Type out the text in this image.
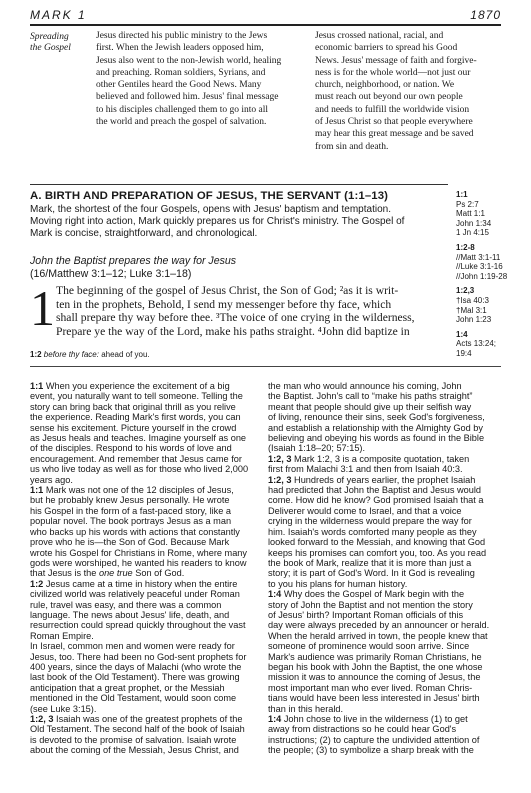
MARK 1	1870
Spreading
the Gospel
Jesus directed his public ministry to the Jews
first. When the Jewish leaders opposed him,
Jesus also went to the non-Jewish world, healing
and preaching. Roman soldiers, Syrians, and
other Gentiles heard the Good News. Many
believed and followed him. Jesus' final message
to his disciples challenged them to go into all
the world and preach the gospel of salvation.
Jesus crossed national, racial, and
economic barriers to spread his Good
News. Jesus' message of faith and forgive-
ness is for the whole world—not just our
church, neighborhood, or nation. We
must reach out beyond our own people
and needs to fulfill the worldwide vision
of Jesus Christ so that people everywhere
may hear this great message and be saved
from sin and death.
A. BIRTH AND PREPARATION OF JESUS, THE SERVANT (1:1–13)
Mark, the shortest of the four Gospels, opens with Jesus' baptism and temptation.
Moving right into action, Mark quickly prepares us for Christ's ministry. The Gospel of
Mark is concise, straightforward, and chronological.
John the Baptist prepares the way for Jesus
(16/Matthew 3:1–12; Luke 3:1–18)
1 The beginning of the gospel of Jesus Christ, the Son of God; ²as it is writ-
ten in the prophets, Behold, I send my messenger before thy face, which
shall prepare thy way before thee. ³The voice of one crying in the wilderness,
Prepare ye the way of the Lord, make his paths straight. ⁴John did baptize in
1:2 before thy face: ahead of you.
1:1
Ps 2:7
Matt 1:1
John 1:34
1 Jn 4:15
1:2-8
//Matt 3:1-11
//Luke 3:1-16
//John 1:19-28
1:2,3
†Isa 40:3
†Mal 3:1
John 1:23
1:4
Acts 13:24;
19:4
1:1 When you experience the excitement of a big
event, you naturally want to tell someone. Telling the
story can bring back that original thrill as you relive
the experience. Reading Mark's first words, you can
sense his excitement. Picture yourself in the crowd
as Jesus heals and teaches. Imagine yourself as one
of the disciples. Respond to his words of love and
encouragement. And remember that Jesus came for
us who live today as well as for those who lived 2,000
years ago.
1:1 Mark was not one of the 12 disciples of Jesus,
but he probably knew Jesus personally. He wrote
his Gospel in the form of a fast-paced story, like a
popular novel. The book portrays Jesus as a man
who backs up his words with actions that constantly
prove who he is—the Son of God. Because Mark
wrote his Gospel for Christians in Rome, where many
gods were worshiped, he wanted his readers to know
that Jesus is the one true Son of God.
1:2 Jesus came at a time in history when the entire
civilized world was relatively peaceful under Roman
rule, travel was easy, and there was a common
language. The news about Jesus' life, death, and
resurrection could spread quickly throughout the vast
Roman Empire.
In Israel, common men and women were ready for
Jesus, too. There had been no God-sent prophets for
400 years, since the days of Malachi (who wrote the
last book of the Old Testament). There was growing
anticipation that a great prophet, or the Messiah
mentioned in the Old Testament, would soon come
(see Luke 3:15).
1:2, 3 Isaiah was one of the greatest prophets of the
Old Testament. The second half of the book of Isaiah
is devoted to the promise of salvation. Isaiah wrote
about the coming of the Messiah, Jesus Christ, and
the man who would announce his coming, John
the Baptist. John's call to “make his paths straight”
meant that people should give up their selfish way
of living, renounce their sins, seek God's forgiveness,
and establish a relationship with the Almighty God by
believing and obeying his words as found in the Bible
(Isaiah 1:18–20; 57:15).
1:2, 3 Mark 1:2, 3 is a composite quotation, taken
first from Malachi 3:1 and then from Isaiah 40:3.
1:2, 3 Hundreds of years earlier, the prophet Isaiah
had predicted that John the Baptist and Jesus would
come. How did he know? God promised Isaiah that a
Deliverer would come to Israel, and that a voice
crying in the wilderness would prepare the way for
him. Isaiah's words comforted many people as they
looked forward to the Messiah, and knowing that God
keeps his promises can comfort you, too. As you read
the book of Mark, realize that it is more than just a
story; it is part of God's Word. In it God is revealing
to you his plans for human history.
1:4 Why does the Gospel of Mark begin with the
story of John the Baptist and not mention the story
of Jesus' birth? Important Roman officials of this
day were always preceded by an announcer or herald.
When the herald arrived in town, the people knew that
someone of prominence would soon arrive. Since
Mark's audience was primarily Roman Christians, he
began his book with John the Baptist, the one whose
mission it was to announce the coming of Jesus, the
most important man who ever lived. Roman Chris-
tians would have been less interested in Jesus' birth
than in this herald.
1:4 John chose to live in the wilderness (1) to get
away from distractions so he could hear God's
instructions; (2) to capture the undivided attention of
the people; (3) to symbolize a sharp break with the
